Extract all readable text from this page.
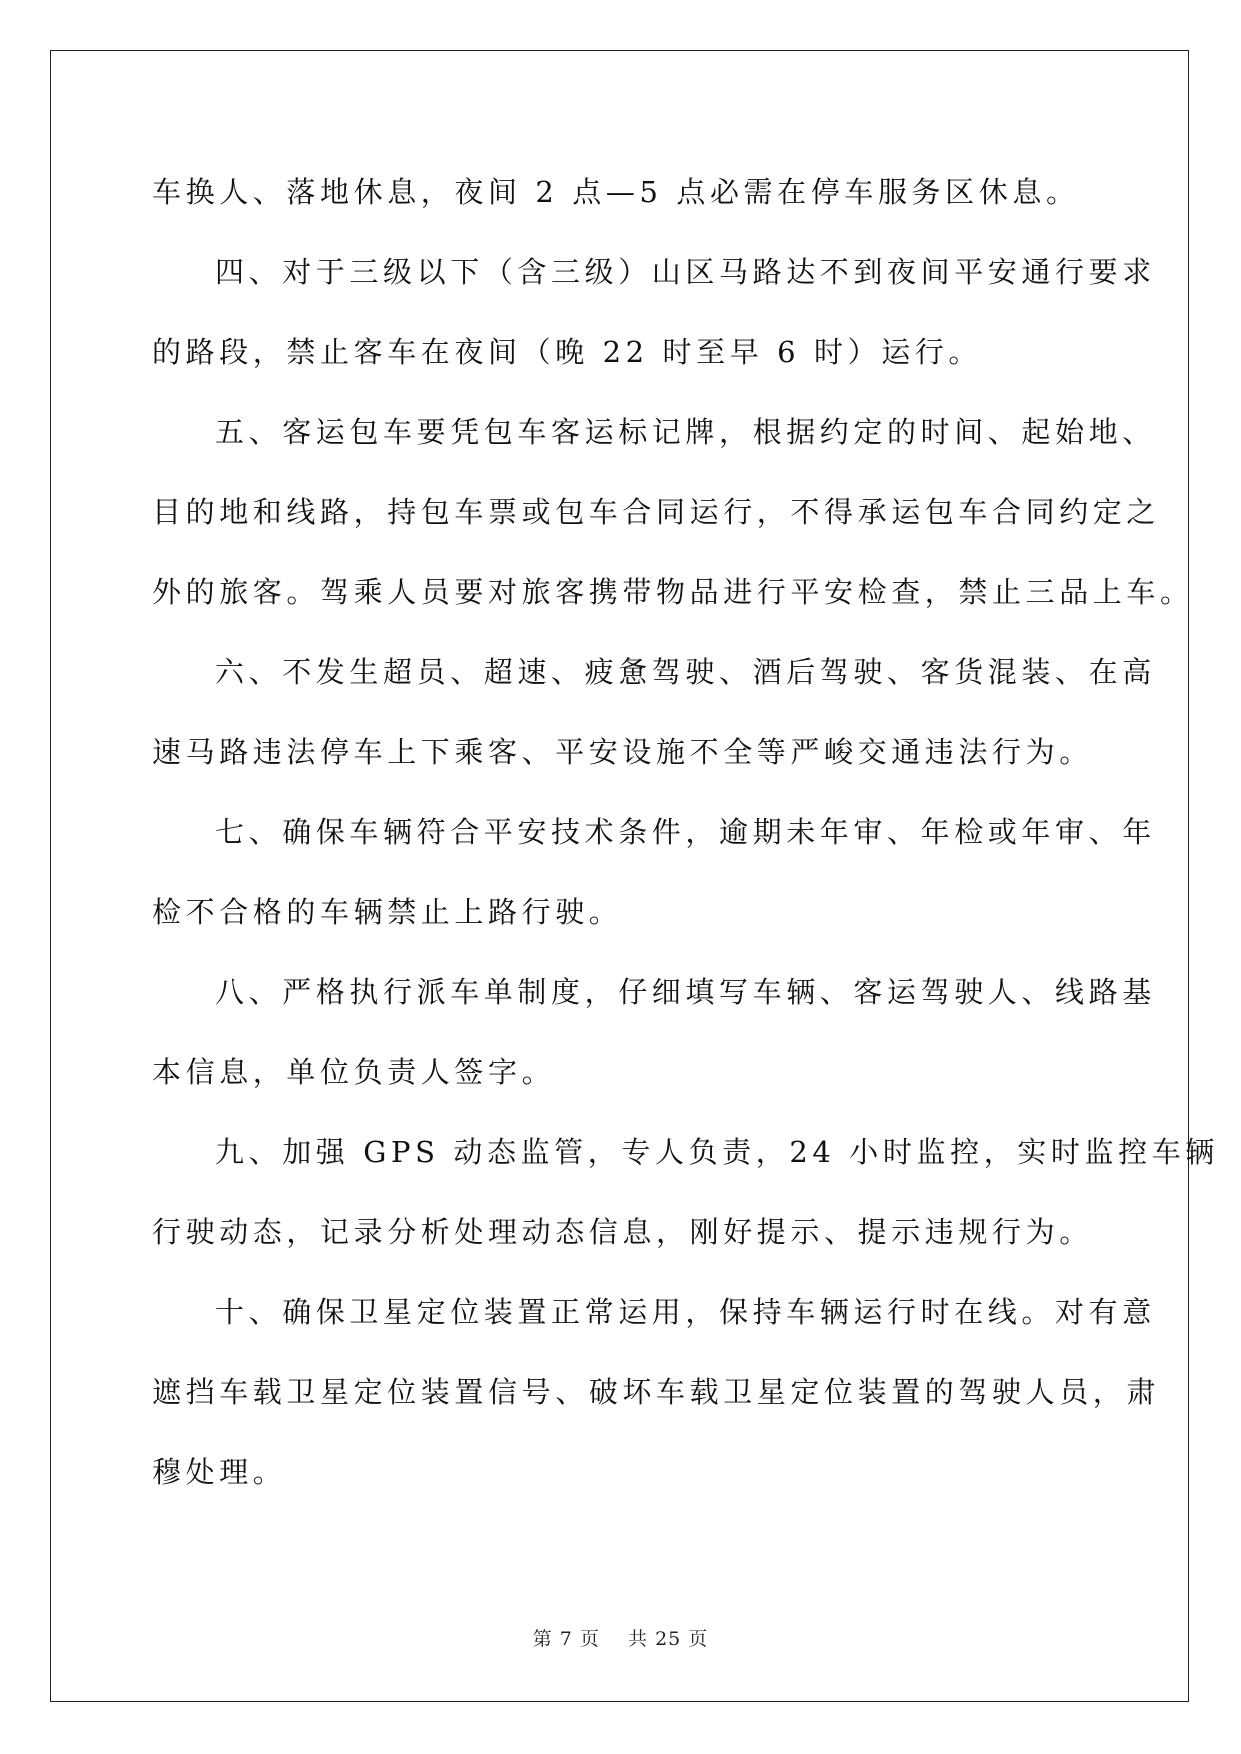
车换人、落地休息，夜间 2 点—5 点必需在停车服务区休息。
四、对于三级以下（含三级）山区马路达不到夜间平安通行要求
的路段，禁止客车在夜间（晚 22 时至早 6 时）运行。
五、客运包车要凭包车客运标记牌，根据约定的时间、起始地、
目的地和线路，持包车票或包车合同运行，不得承运包车合同约定之
外的旅客。驾乘人员要对旅客携带物品进行平安检查，禁止三品上车。
六、不发生超员、超速、疲惫驾驶、酒后驾驶、客货混装、在高
速马路违法停车上下乘客、平安设施不全等严峻交通违法行为。
七、确保车辆符合平安技术条件，逾期未年审、年检或年审、年
检不合格的车辆禁止上路行驶。
八、严格执行派车单制度，仔细填写车辆、客运驾驶人、线路基
本信息，单位负责人签字。
九、加强 GPS 动态监管，专人负责，24 小时监控，实时监控车辆
行驶动态，记录分析处理动态信息，刚好提示、提示违规行为。
十、确保卫星定位装置正常运用，保持车辆运行时在线。对有意
遮挡车载卫星定位装置信号、破坏车载卫星定位装置的驾驶人员，肃
穆处理。
第 7 页    共 25 页
